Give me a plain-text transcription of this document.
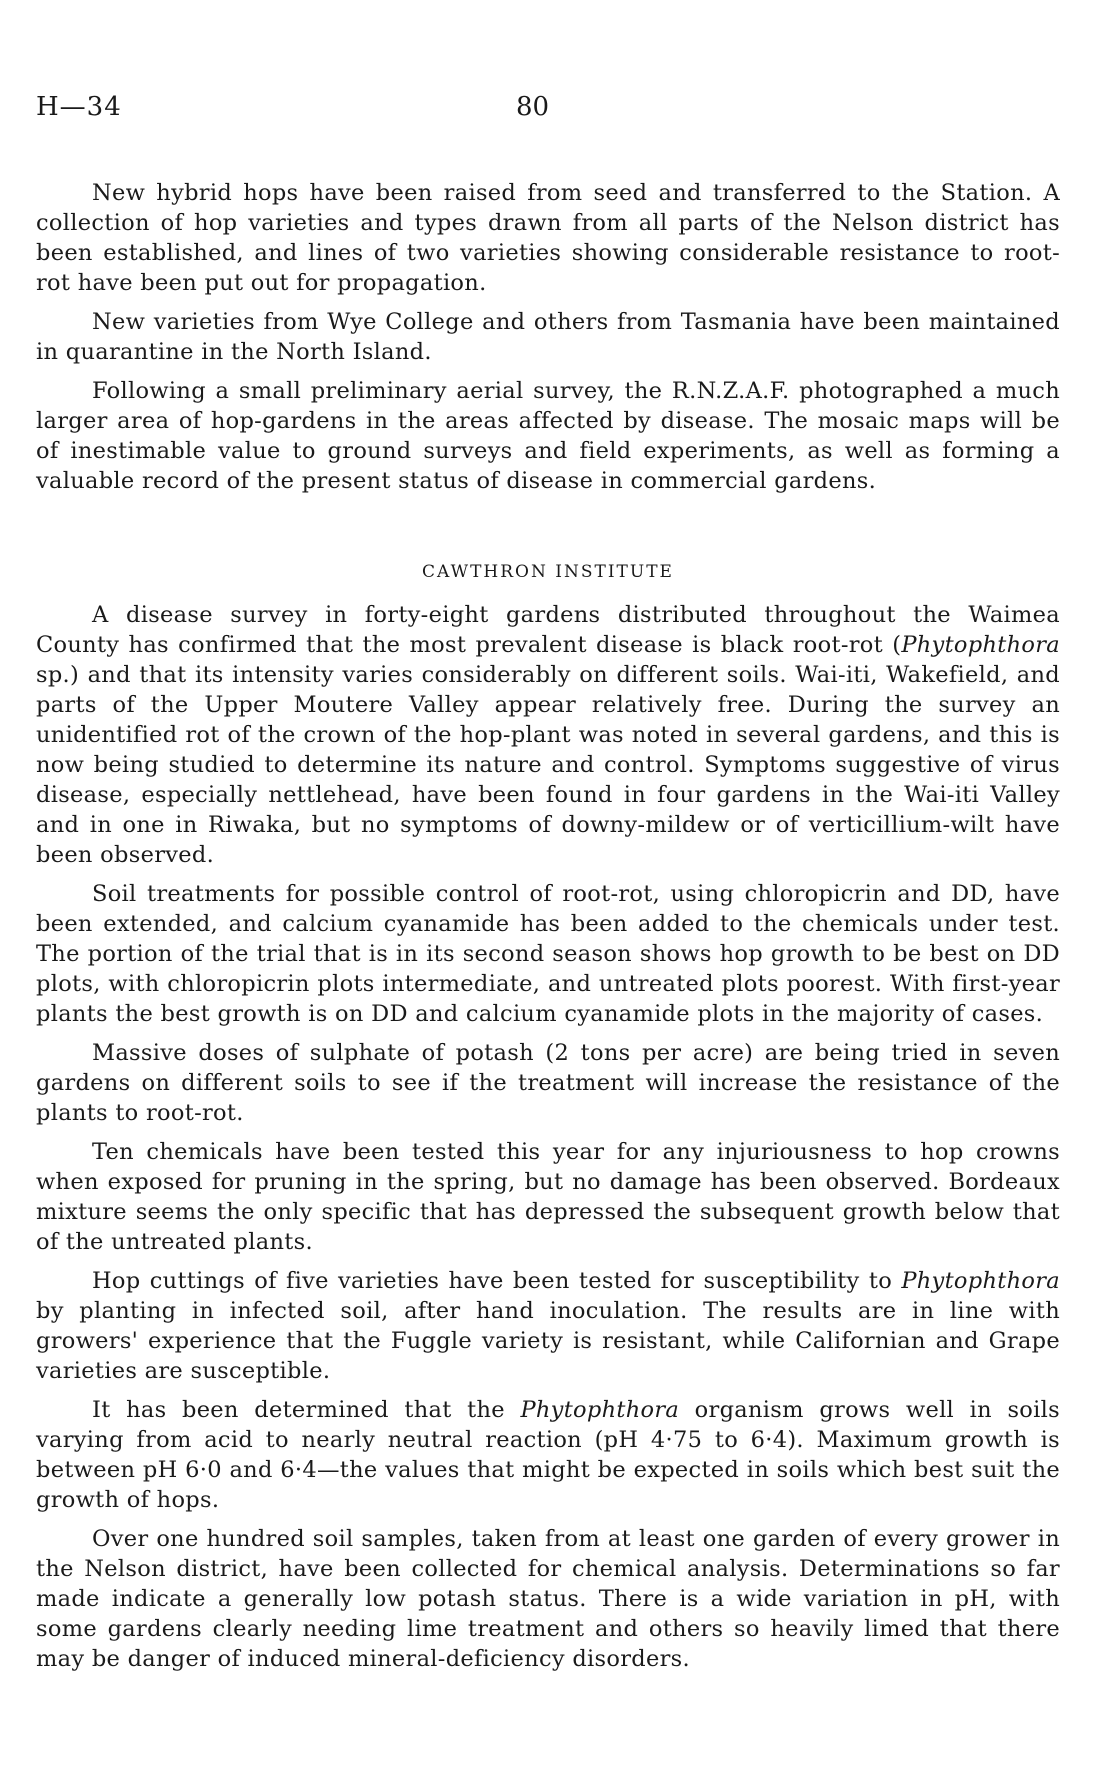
H—34	80

New hybrid hops have been raised from seed and transferred to the Station. A collection of hop varieties and types drawn from all parts of the Nelson district has been established, and lines of two varieties showing considerable resistance to root-rot have been put out for propagation.

New varieties from Wye College and others from Tasmania have been maintained in quarantine in the North Island.

Following a small preliminary aerial survey, the R.N.Z.A.F. photographed a much larger area of hop-gardens in the areas affected by disease. The mosaic maps will be of inestimable value to ground surveys and field experiments, as well as forming a valuable record of the present status of disease in commercial gardens.

CAWTHRON INSTITUTE

A disease survey in forty-eight gardens distributed throughout the Waimea County has confirmed that the most prevalent disease is black root-rot (Phytophthora sp.) and that its intensity varies considerably on different soils. Wai-iti, Wakefield, and parts of the Upper Moutere Valley appear relatively free. During the survey an unidentified rot of the crown of the hop-plant was noted in several gardens, and this is now being studied to determine its nature and control. Symptoms suggestive of virus disease, especially nettlehead, have been found in four gardens in the Wai-iti Valley and in one in Riwaka, but no symptoms of downy-mildew or of verticillium-wilt have been observed.

Soil treatments for possible control of root-rot, using chloropicrin and DD, have been extended, and calcium cyanamide has been added to the chemicals under test. The portion of the trial that is in its second season shows hop growth to be best on DD plots, with chloropicrin plots intermediate, and untreated plots poorest. With first-year plants the best growth is on DD and calcium cyanamide plots in the majority of cases.

Massive doses of sulphate of potash (2 tons per acre) are being tried in seven gardens on different soils to see if the treatment will increase the resistance of the plants to root-rot.

Ten chemicals have been tested this year for any injuriousness to hop crowns when exposed for pruning in the spring, but no damage has been observed. Bordeaux mixture seems the only specific that has depressed the subsequent growth below that of the untreated plants.

Hop cuttings of five varieties have been tested for susceptibility to Phytophthora by planting in infected soil, after hand inoculation. The results are in line with growers' experience that the Fuggle variety is resistant, while Californian and Grape varieties are susceptible.

It has been determined that the Phytophthora organism grows well in soils varying from acid to nearly neutral reaction (pH 4·75 to 6·4). Maximum growth is between pH 6·0 and 6·4—the values that might be expected in soils which best suit the growth of hops.

Over one hundred soil samples, taken from at least one garden of every grower in the Nelson district, have been collected for chemical analysis. Determinations so far made indicate a generally low potash status. There is a wide variation in pH, with some gardens clearly needing lime treatment and others so heavily limed that there may be danger of induced mineral-deficiency disorders.
